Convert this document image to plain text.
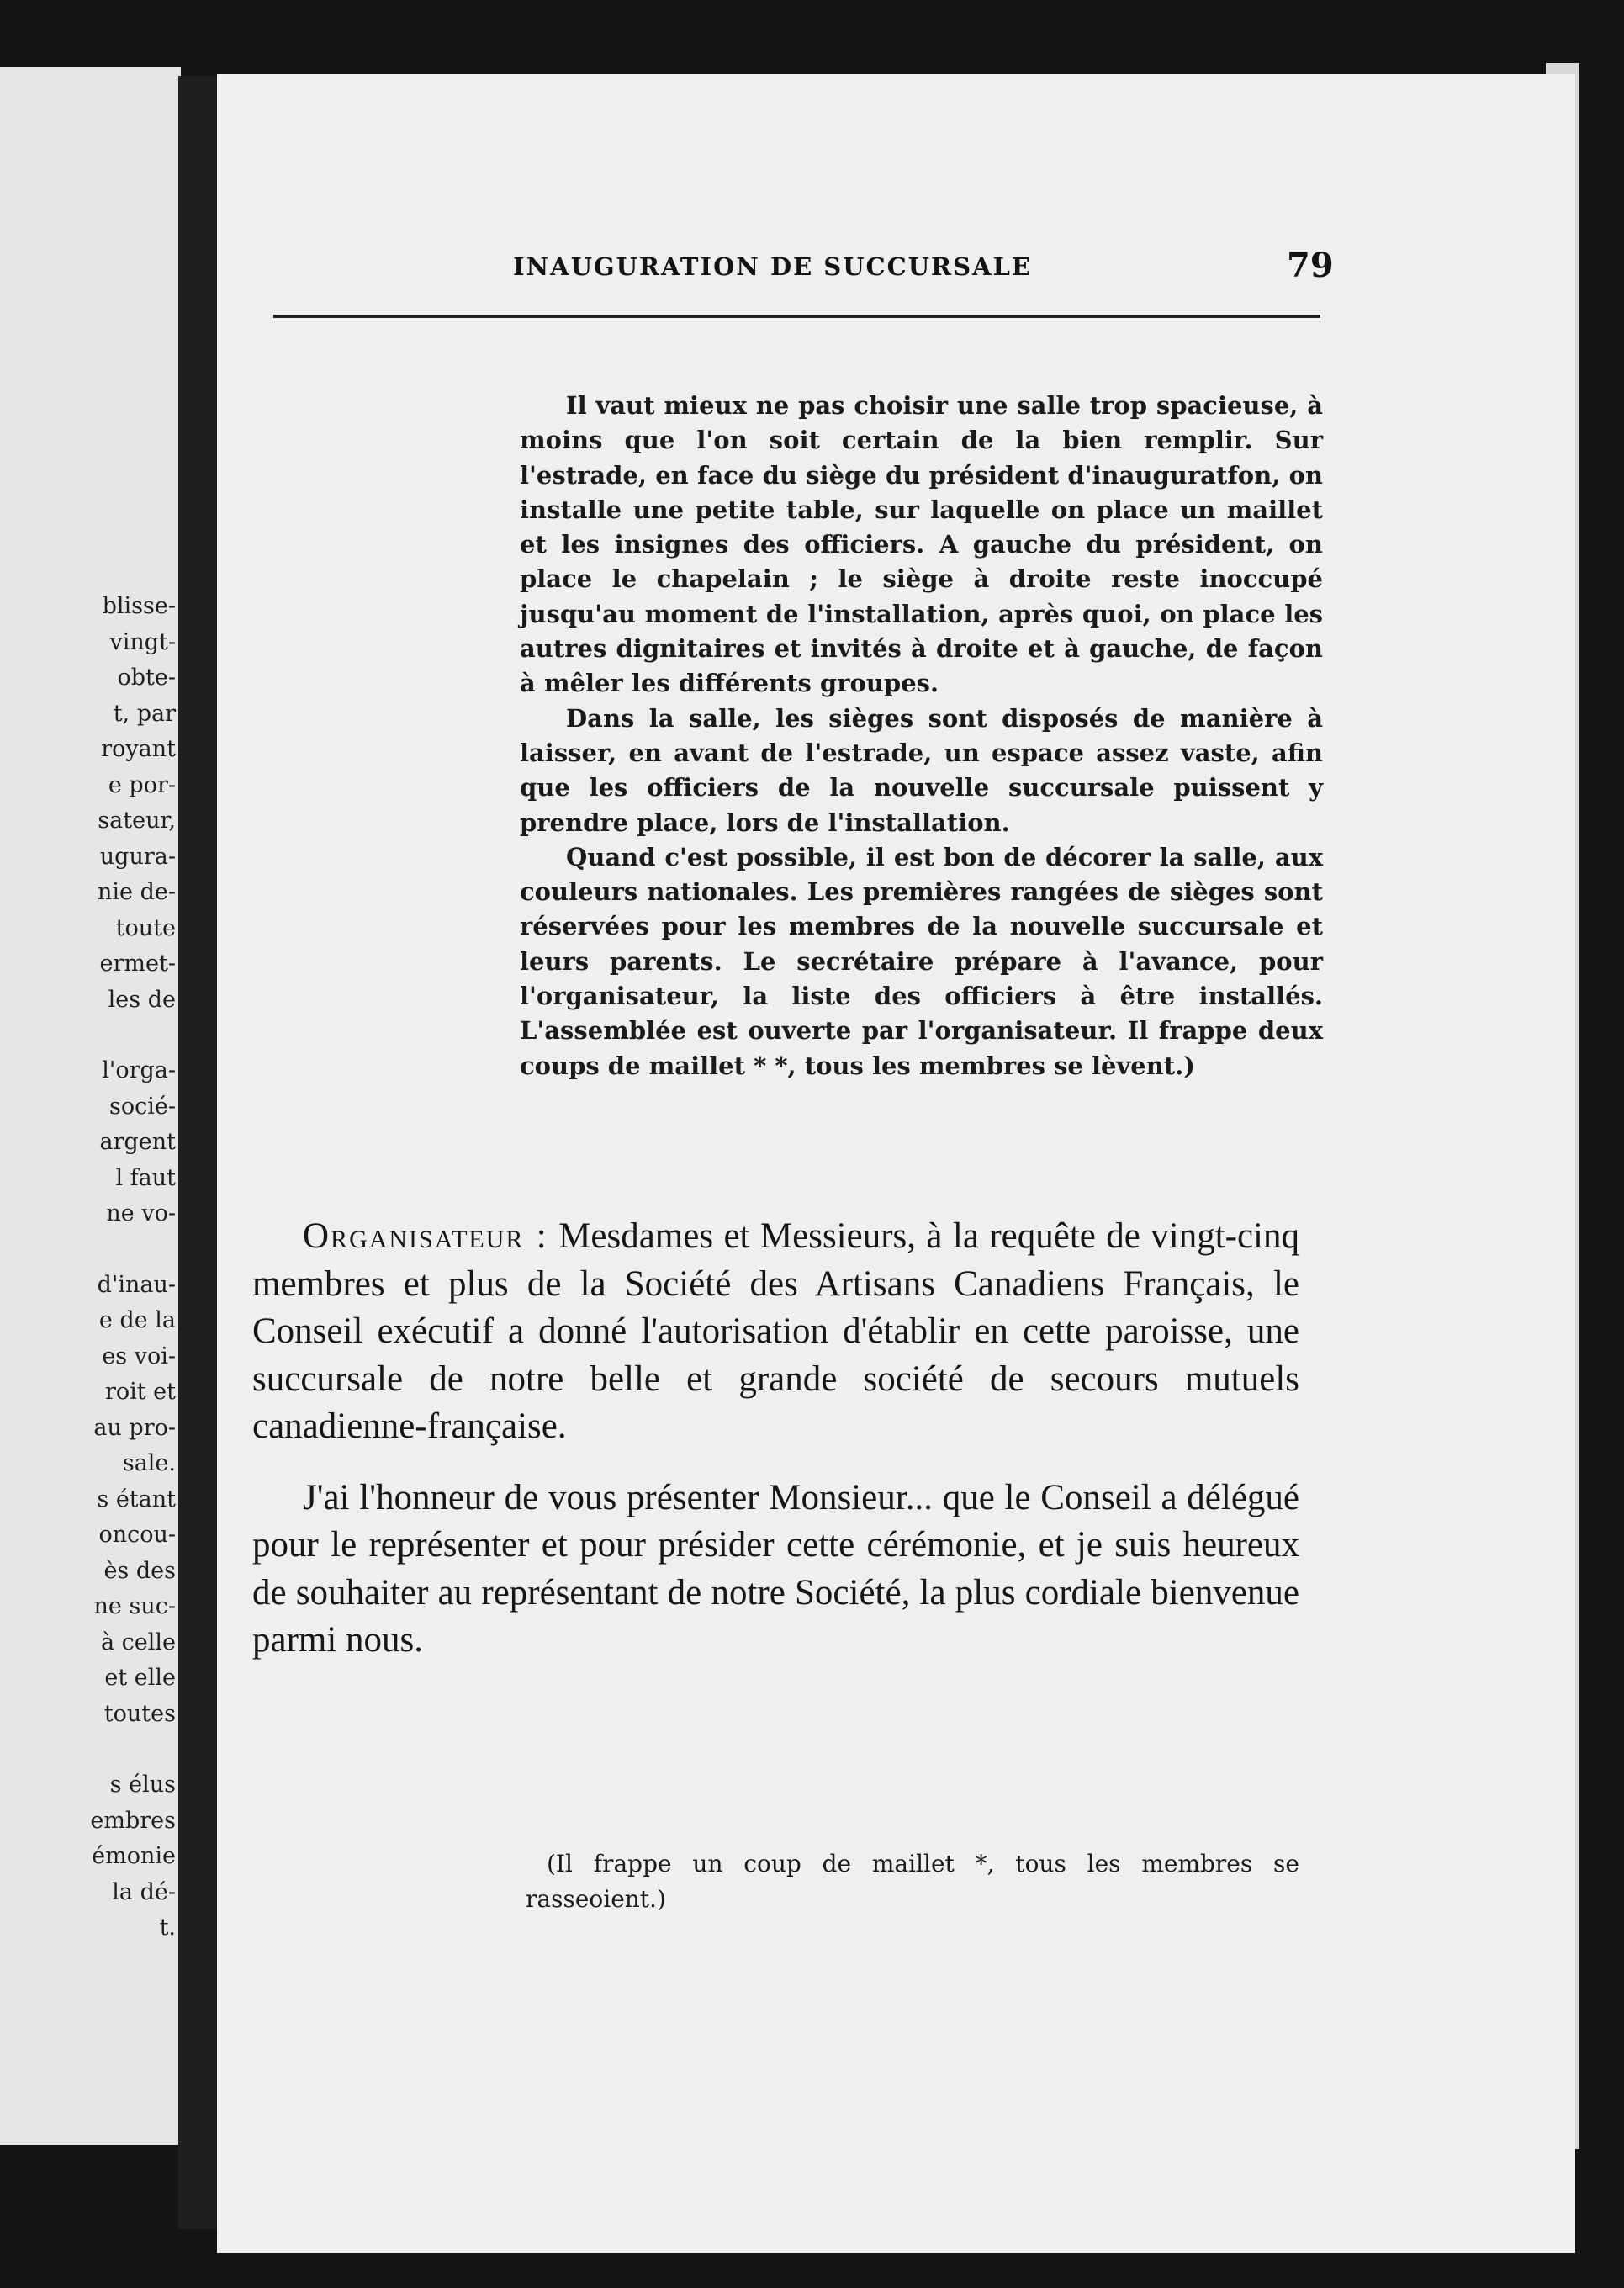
blisse-
vingt-
obte-
t, par
royant
e por-
sateur,
ugura-
nie de-
toute
ermet-
les de
l'orga-
socié-
argent
l faut
ne vo-
d'inau-
e de la
es voi-
roit et
au pro-
sale.
s étant
oncou-
ès des
ne suc-
à celle
et elle
toutes
s élus
embres
émonie
la dé-
t.
INAUGURATION DE SUCCURSALE	79

Il vaut mieux ne pas choisir une salle trop spacieuse, à moins que l'on soit certain de la bien remplir. Sur l'estrade, en face du siège du président d'inauguratfon, on installe une petite table, sur laquelle on place un maillet et les insignes des officiers. A gauche du président, on place le chapelain ; le siège à droite reste inoccupé jusqu'au moment de l'installation, après quoi, on place les autres dignitaires et invités à droite et à gauche, de façon à mêler les différents groupes.

Dans la salle, les sièges sont disposés de manière à laisser, en avant de l'estrade, un espace assez vaste, afin que les officiers de la nouvelle succursale puissent y prendre place, lors de l'installation.

Quand c'est possible, il est bon de décorer la salle, aux couleurs nationales. Les premières rangées de sièges sont réservées pour les membres de la nouvelle succursale et leurs parents. Le secrétaire prépare à l'avance, pour l'organisateur, la liste des officiers à être installés. L'assemblée est ouverte par l'organisateur. Il frappe deux coups de maillet * *, tous les membres se lèvent.)

Organisateur : Mesdames et Messieurs, à la requête de vingt-cinq membres et plus de la Société des Artisans Canadiens Français, le Conseil exécutif a donné l'autorisation d'établir en cette paroisse, une succursale de notre belle et grande société de secours mutuels canadienne-française.

J'ai l'honneur de vous présenter Monsieur... que le Conseil a délégué pour le représenter et pour présider cette cérémonie, et je suis heureux de souhaiter au représentant de notre Société, la plus cordiale bienvenue parmi nous.

(Il frappe un coup de maillet *, tous les membres se rasseoient.)
